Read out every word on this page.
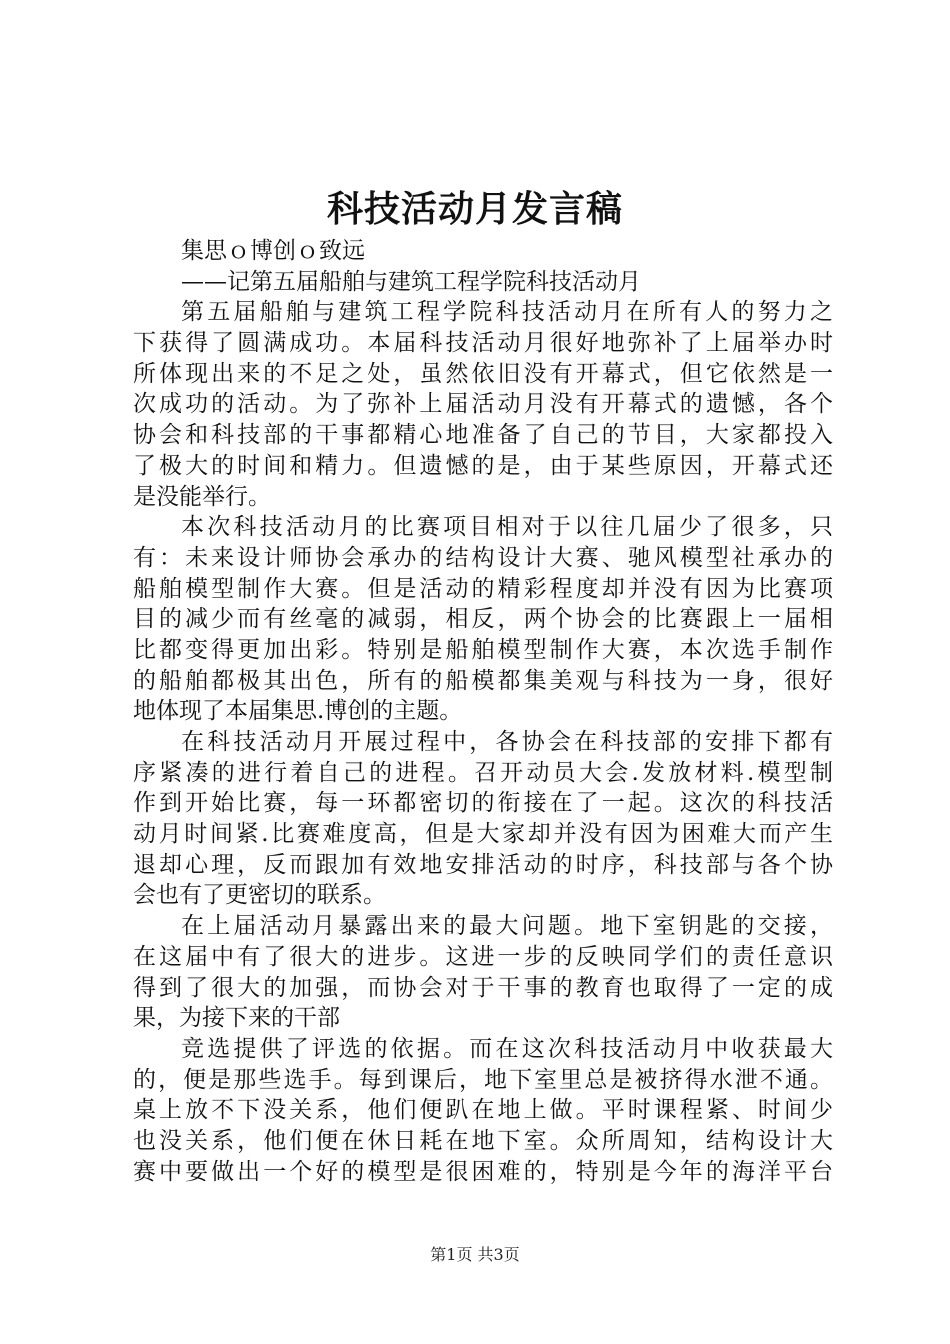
科技活动月发言稿
集思ｏ博创ｏ致远
——记第五届船舶与建筑工程学院科技活动月
第五届船舶与建筑工程学院科技活动月在所有人的努力之
下获得了圆满成功。本届科技活动月很好地弥补了上届举办时
所体现出来的不足之处，虽然依旧没有开幕式，但它依然是一
次成功的活动。为了弥补上届活动月没有开幕式的遗憾，各个
协会和科技部的干事都精心地准备了自己的节目，大家都投入
了极大的时间和精力。但遗憾的是，由于某些原因，开幕式还
是没能举行。
本次科技活动月的比赛项目相对于以往几届少了很多，只
有：未来设计师协会承办的结构设计大赛、驰风模型社承办的
船舶模型制作大赛。但是活动的精彩程度却并没有因为比赛项
目的减少而有丝毫的减弱，相反，两个协会的比赛跟上一届相
比都变得更加出彩。特别是船舶模型制作大赛，本次选手制作
的船舶都极其出色，所有的船模都集美观与科技为一身，很好
地体现了本届集思.博创的主题。
在科技活动月开展过程中，各协会在科技部的安排下都有
序紧凑的进行着自己的进程。召开动员大会.发放材料.模型制
作到开始比赛，每一环都密切的衔接在了一起。这次的科技活
动月时间紧.比赛难度高，但是大家却并没有因为困难大而产生
退却心理，反而跟加有效地安排活动的时序，科技部与各个协
会也有了更密切的联系。
在上届活动月暴露出来的最大问题。地下室钥匙的交接，
在这届中有了很大的进步。这进一步的反映同学们的责任意识
得到了很大的加强，而协会对于干事的教育也取得了一定的成
果，为接下来的干部
竞选提供了评选的依据。而在这次科技活动月中收获最大
的，便是那些选手。每到课后，地下室里总是被挤得水泄不通。
桌上放不下没关系，他们便趴在地上做。平时课程紧、时间少
也没关系，他们便在休日耗在地下室。众所周知，结构设计大
赛中要做出一个好的模型是很困难的，特别是今年的海洋平台
第1页 共3页
